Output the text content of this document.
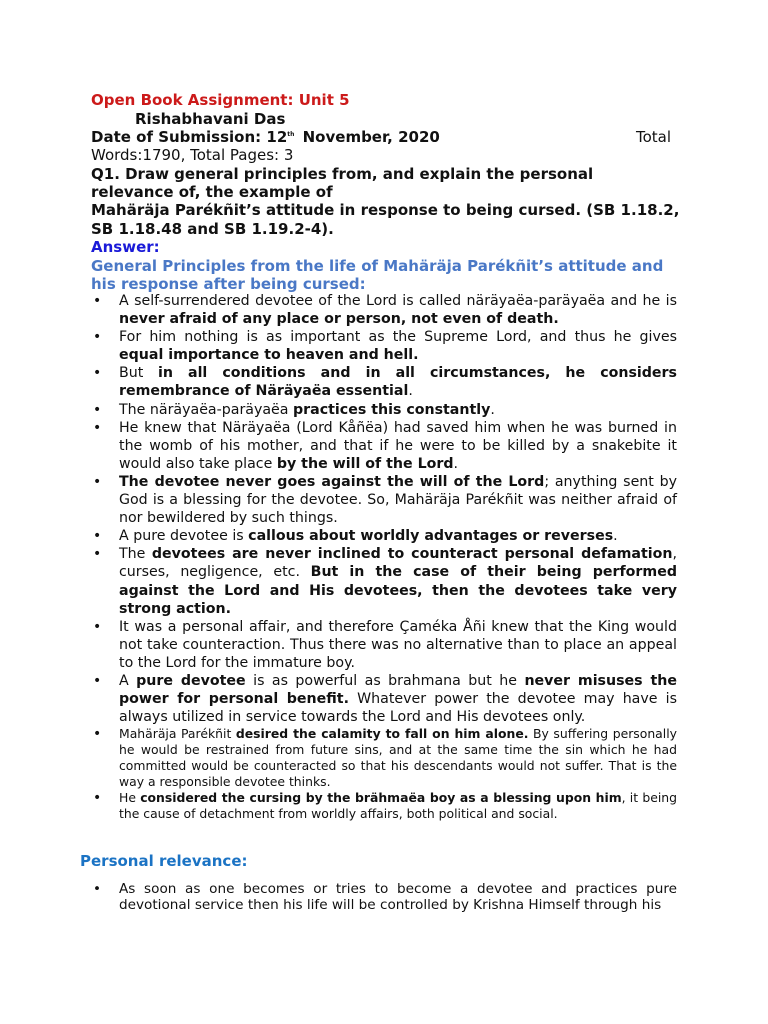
Open Book Assignment: Unit 5
Rishabhavani Das
Date of Submission: 12th November, 2020	Total
Words:1790, Total Pages: 3
Q1. Draw general principles from, and explain the personal
relevance of, the example of
Mahäräja Parékñit’s attitude in response to being cursed. (SB 1.18.2, SB 1.18.48 and SB 1.19.2-4).
Answer:
General Principles from the life of Mahäräja Parékñit’s attitude and his response after being cursed:
• A self-surrendered devotee of the Lord is called näräyaëa-paräyaëa and he is never afraid of any place or person, not even of death.
• For him nothing is as important as the Supreme Lord, and thus he gives equal importance to heaven and hell.
• But in all conditions and in all circumstances, he considers remembrance of Näräyaëa essential.
• The näräyaëa-paräyaëa practices this constantly.
• He knew that Näräyaëa (Lord Kåñëa) had saved him when he was burned in the womb of his mother, and that if he were to be killed by a snakebite it would also take place by the will of the Lord.
• The devotee never goes against the will of the Lord; anything sent by God is a blessing for the devotee. So, Mahäräja Parékñit was neither afraid of nor bewildered by such things.
• A pure devotee is callous about worldly advantages or reverses.
• The devotees are never inclined to counteract personal defamation, curses, negligence, etc. But in the case of their being performed against the Lord and His devotees, then the devotees take very strong action.
• It was a personal affair, and therefore Çaméka Åñi knew that the King would not take counteraction. Thus there was no alternative than to place an appeal to the Lord for the immature boy.
• A pure devotee is as powerful as brahmana but he never misuses the power for personal benefit. Whatever power the devotee may have is always utilized in service towards the Lord and His devotees only.
• Mahäräja Parékñit desired the calamity to fall on him alone. By suffering personally he would be restrained from future sins, and at the same time the sin which he had committed would be counteracted so that his descendants would not suffer. That is the way a responsible devotee thinks.
• He considered the cursing by the brähmaëa boy as a blessing upon him, it being the cause of detachment from worldly affairs, both political and social.
Personal relevance:
• As soon as one becomes or tries to become a devotee and practices pure devotional service then his life will be controlled by Krishna Himself through his
